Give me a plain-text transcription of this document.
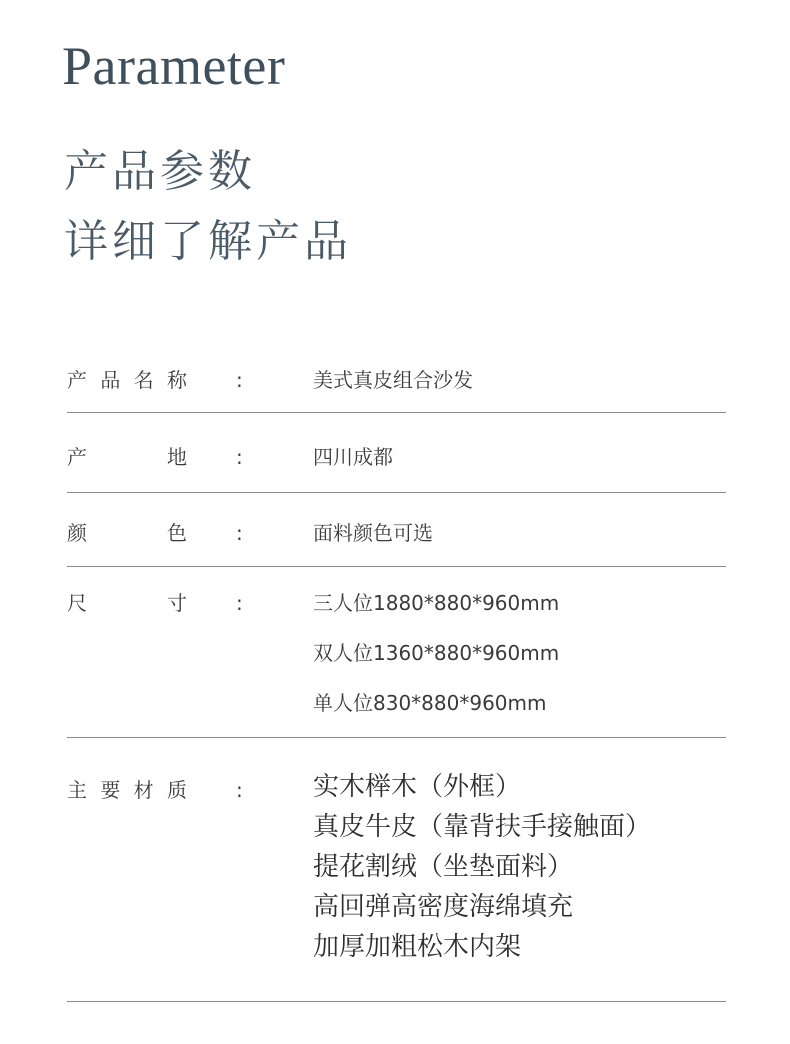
Parameter
产品参数
详细了解产品
产 品 名 称 :	美式真皮组合沙发
产	地 :	四川成都
颜	色 :	面料颜色可选
尺	寸 :	三人位1880*880*960mm
双人位1360*880*960mm
单人位830*880*960mm
主 要 材 质 :	实木榉木（外框）
真皮牛皮（靠背扶手接触面）
提花割绒（坐垫面料）
高回弹高密度海绵填充
加厚加粗松木内架
